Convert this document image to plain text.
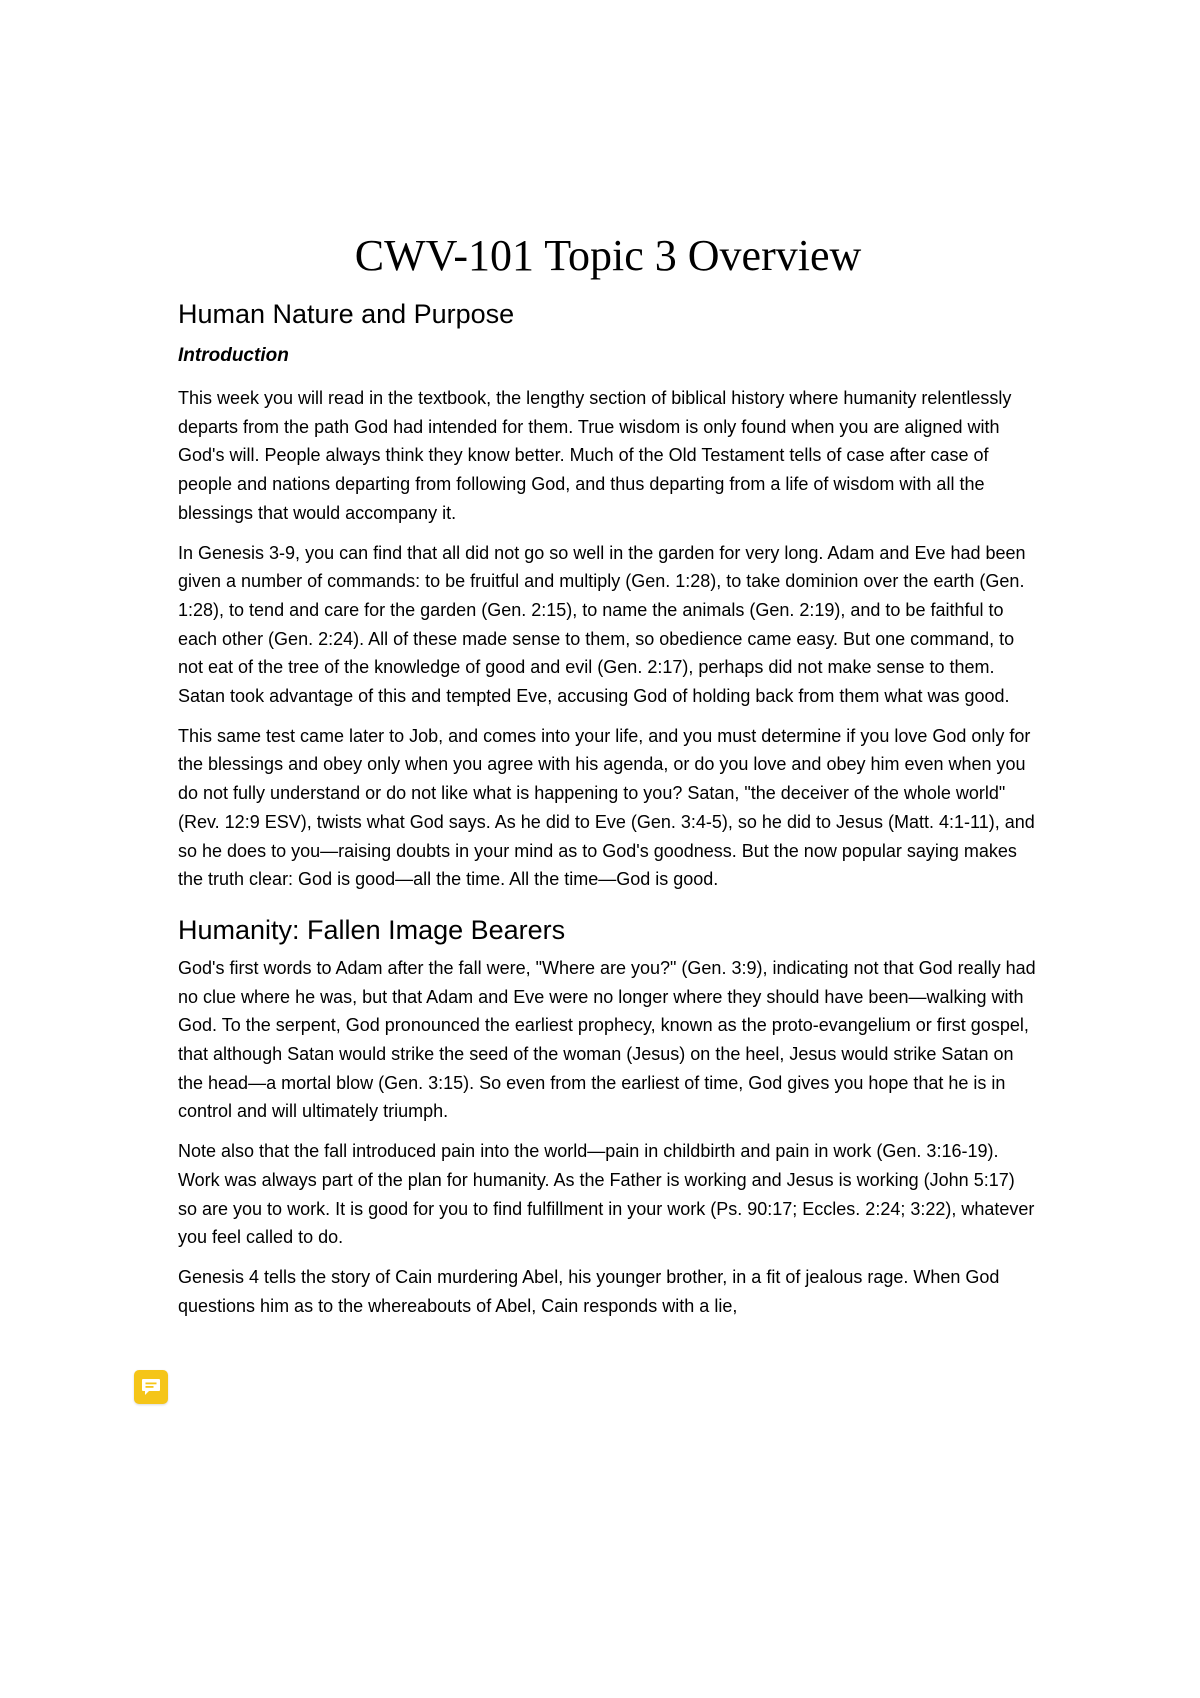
CWV-101 Topic 3 Overview
Human Nature and Purpose
Introduction

This week you will read in the textbook, the lengthy section of biblical history where humanity relentlessly departs from the path God had intended for them. True wisdom is only found when you are aligned with God's will. People always think they know better. Much of the Old Testament tells of case after case of people and nations departing from following God, and thus departing from a life of wisdom with all the blessings that would accompany it.

In Genesis 3-9, you can find that all did not go so well in the garden for very long. Adam and Eve had been given a number of commands: to be fruitful and multiply (Gen. 1:28), to take dominion over the earth (Gen. 1:28), to tend and care for the garden (Gen. 2:15), to name the animals (Gen. 2:19), and to be faithful to each other (Gen. 2:24). All of these made sense to them, so obedience came easy. But one command, to not eat of the tree of the knowledge of good and evil (Gen. 2:17), perhaps did not make sense to them. Satan took advantage of this and tempted Eve, accusing God of holding back from them what was good.

This same test came later to Job, and comes into your life, and you must determine if you love God only for the blessings and obey only when you agree with his agenda, or do you love and obey him even when you do not fully understand or do not like what is happening to you? Satan, "the deceiver of the whole world" (Rev. 12:9 ESV), twists what God says. As he did to Eve (Gen. 3:4-5), so he did to Jesus (Matt. 4:1-11), and so he does to you—raising doubts in your mind as to God's goodness. But the now popular saying makes the truth clear: God is good—all the time. All the time—God is good.

Humanity: Fallen Image Bearers

God's first words to Adam after the fall were, "Where are you?" (Gen. 3:9), indicating not that God really had no clue where he was, but that Adam and Eve were no longer where they should have been—walking with God. To the serpent, God pronounced the earliest prophecy, known as the proto-evangelium or first gospel, that although Satan would strike the seed of the woman (Jesus) on the heel, Jesus would strike Satan on the head—a mortal blow (Gen. 3:15). So even from the earliest of time, God gives you hope that he is in control and will ultimately triumph.

Note also that the fall introduced pain into the world—pain in childbirth and pain in work (Gen. 3:16-19). Work was always part of the plan for humanity. As the Father is working and Jesus is working (John 5:17) so are you to work. It is good for you to find fulfillment in your work (Ps. 90:17; Eccles. 2:24; 3:22), whatever you feel called to do.

Genesis 4 tells the story of Cain murdering Abel, his younger brother, in a fit of jealous rage. When God questions him as to the whereabouts of Abel, Cain responds with a lie,
